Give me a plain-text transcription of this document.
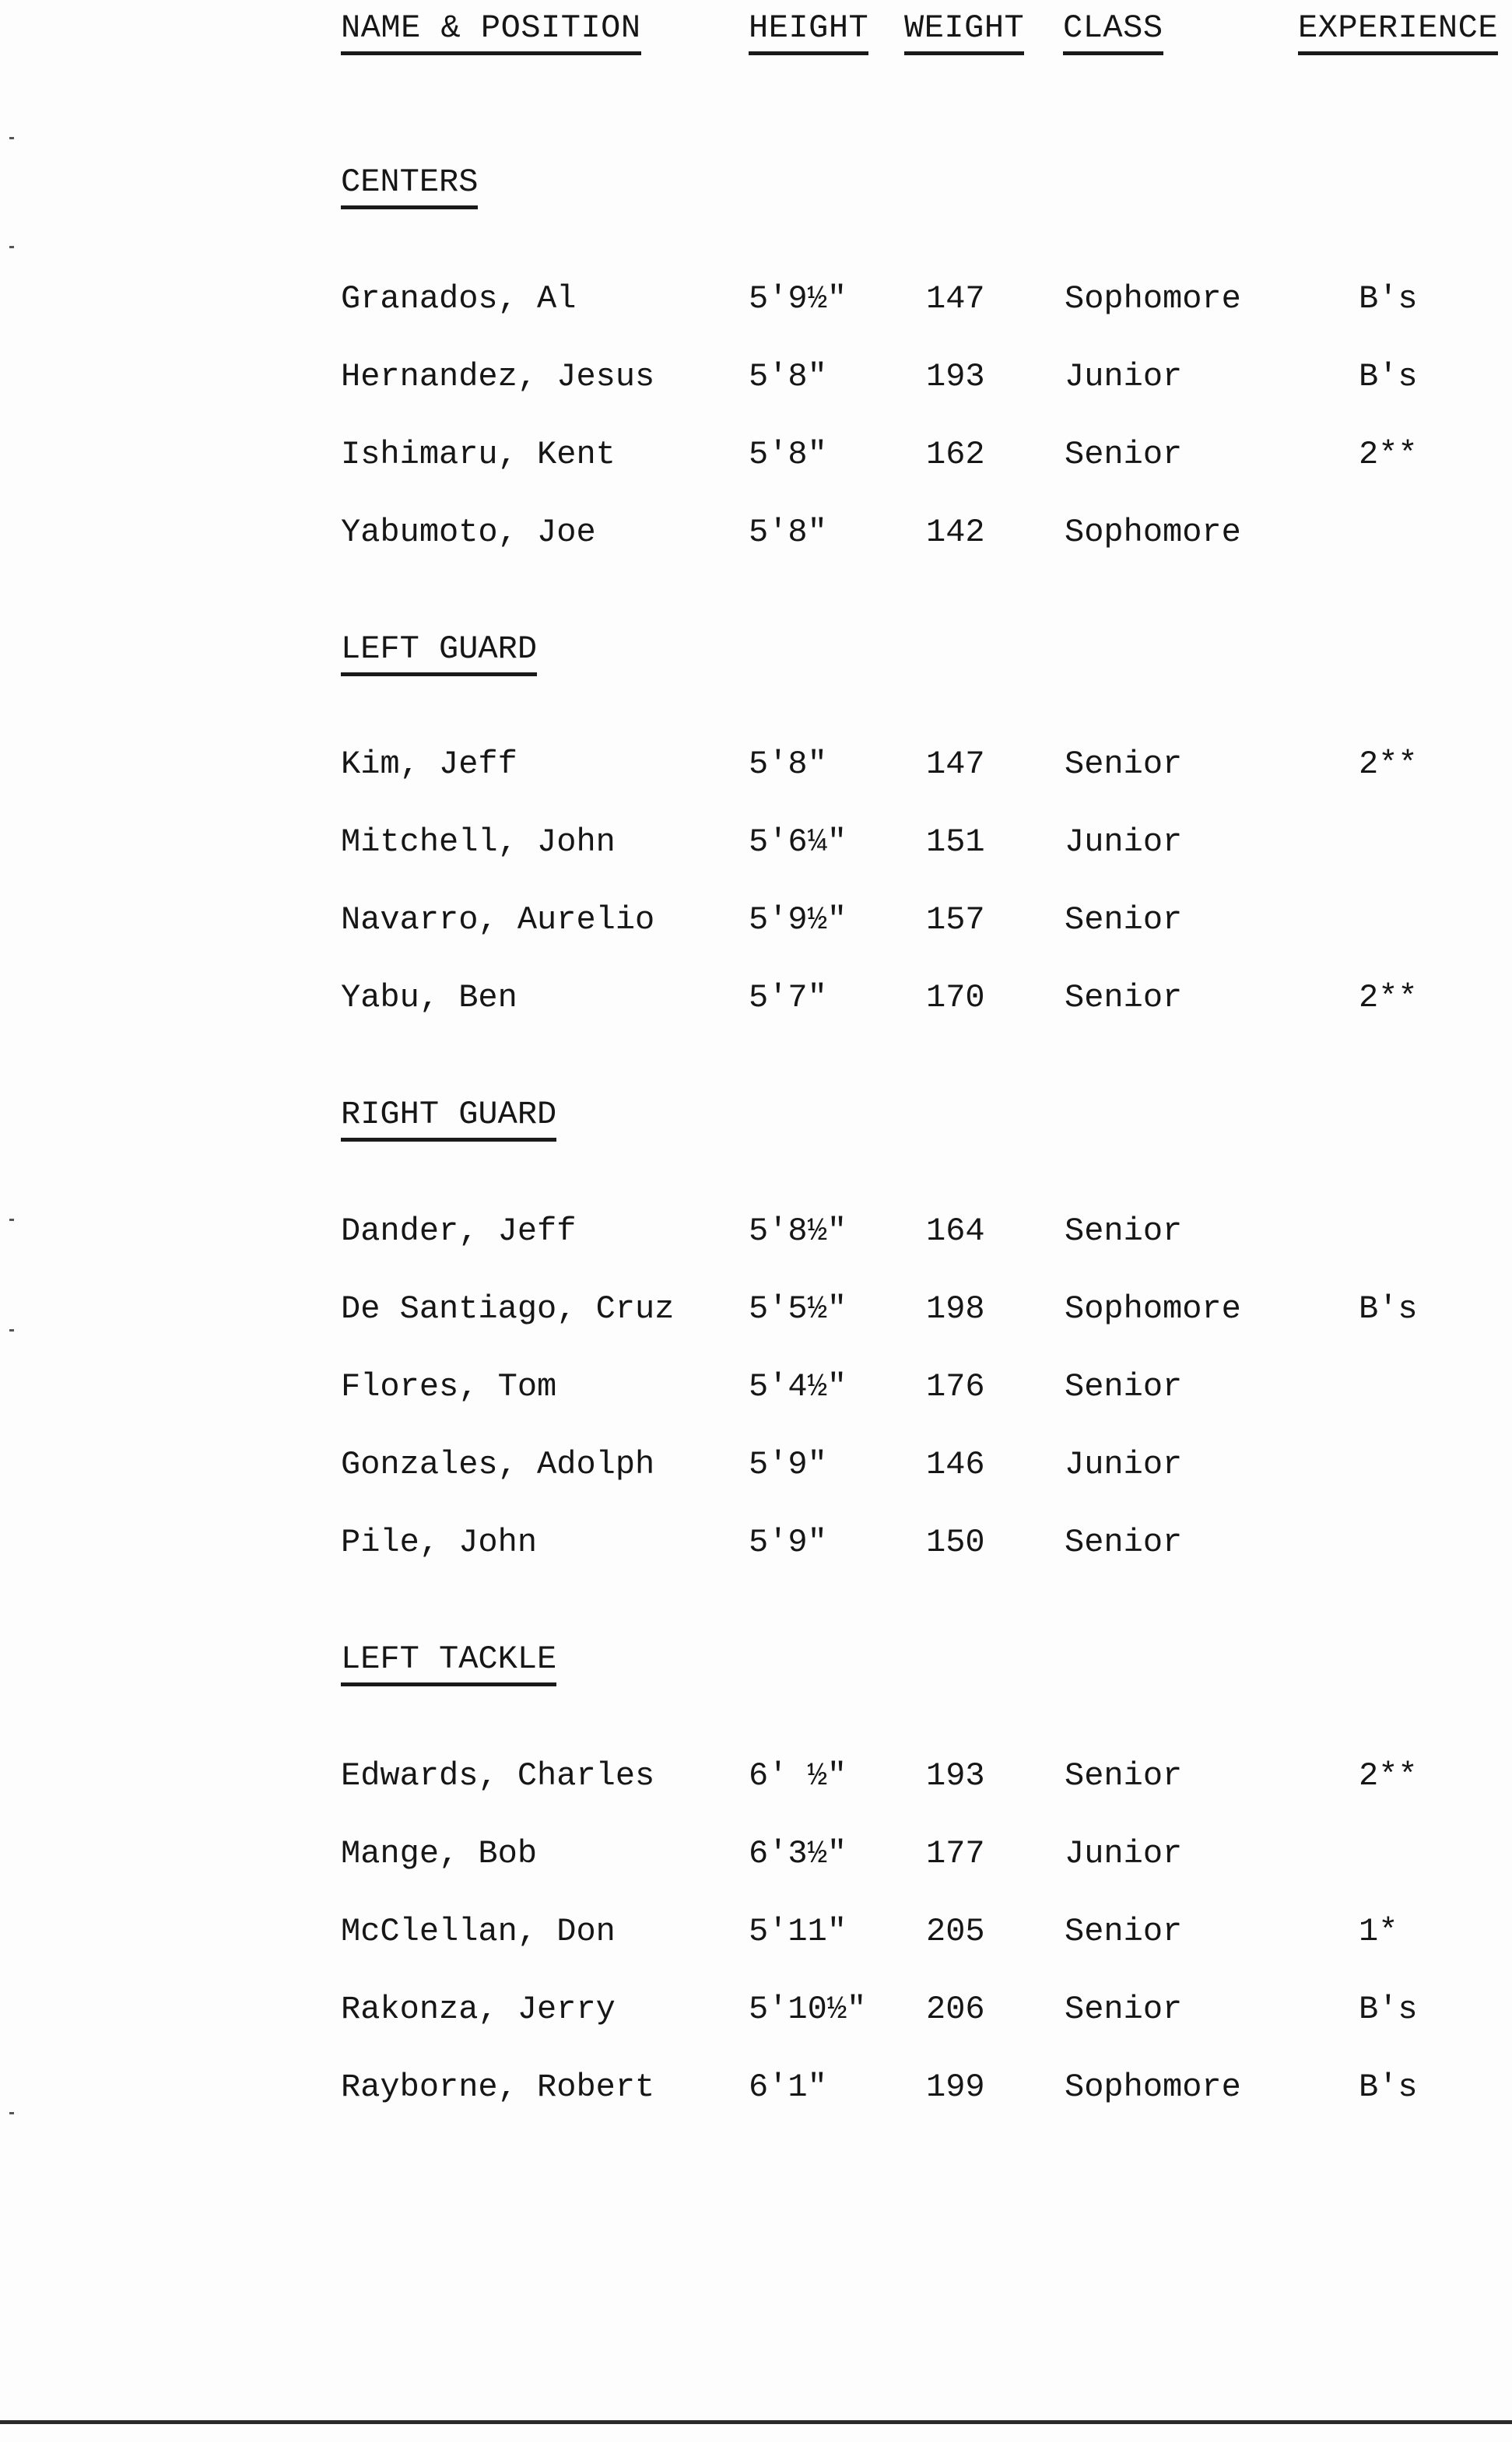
NAME & POSITION	HEIGHT WEIGHT CLASS	EXPERIENCE
CENTERS
Granados, Al	5'9½" 147 Sophomore	B's
Hernandez, Jesus	5'8"	193 Junior	B's
Ishimaru, Kent	5'8"	162 Senior	2**
Yabumoto, Joe	5'8"	142 Sophomore
LEFT GUARD
Kim, Jeff	5'8"	147 Senior	2**
Mitchell, John	5'6¼" 151 Junior
Navarro, Aurelio	5'9½" 157 Senior
Yabu, Ben	5'7"	170 Senior	2**
RIGHT GUARD
Dander, Jeff	5'8½" 164 Senior
De Santiago, Cruz 5'5½" 198 Sophomore	B's
Flores, Tom	5'4½" 176 Senior
Gonzales, Adolph	5'9"	146 Junior
Pile, John	5'9"	150 Senior
LEFT TACKLE
Edwards, Charles	6' ½" 193 Senior	2**
Mange, Bob	6'3½" 177 Junior
McClellan, Don	5'11" 205 Senior	1*
Rakonza, Jerry	5'10½" 206 Senior	B's
Rayborne, Robert	6'1"	199 Sophomore	B's
